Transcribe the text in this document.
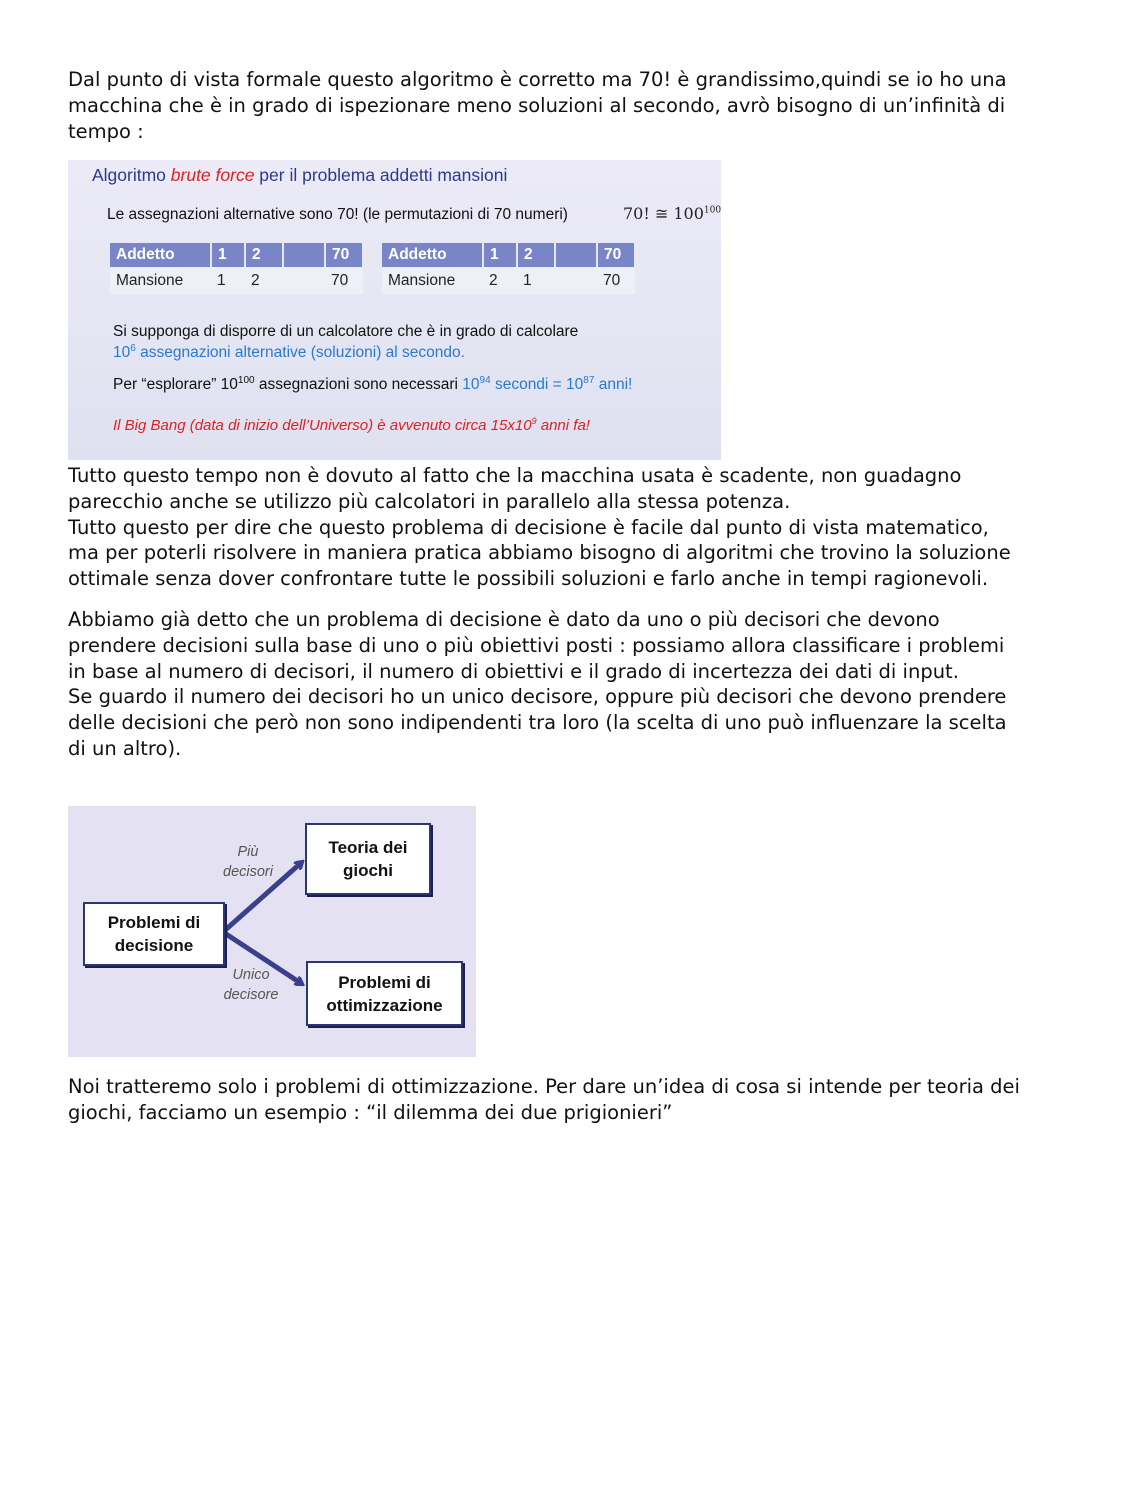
Dal punto di vista formale questo algoritmo è corretto ma 70! è grandissimo,quindi se io ho una
macchina che è in grado di ispezionare meno soluzioni al secondo, avrò bisogno di un’infinità di
tempo :

Algoritmo brute force per il problema addetti mansioni
Le assegnazioni alternative sono 70! (le permutazioni di 70 numeri)	70! ≅ $100^{100}$
Addetto	1	2		70
Mansione	1	2		70
Addetto	1	2		70
Mansione	2	1		70
Si supponga di disporre di un calcolatore che è in grado di calcolare
$10^6$ assegnazioni alternative (soluzioni) al secondo.
Per “esplorare” $10^{100}$ assegnazioni sono necessari $10^{94}$ secondi = $10^{87}$ anni!
Il Big Bang (data di inizio dell’Universo) è avvenuto circa $15x10^9$ anni fa!

Tutto questo tempo non è dovuto al fatto che la macchina usata è scadente, non guadagno
parecchio anche se utilizzo più calcolatori in parallelo alla stessa potenza.
Tutto questo per dire che questo problema di decisione è facile dal punto di vista matematico,
ma per poterli risolvere in maniera pratica abbiamo bisogno di algoritmi che trovino la soluzione
ottimale senza dover confrontare tutte le possibili soluzioni e farlo anche in tempi ragionevoli.

Abbiamo già detto che un problema di decisione è dato da uno o più decisori che devono
prendere decisioni sulla base di uno o più obiettivi posti : possiamo allora classificare i problemi
in base al numero di decisori, il numero di obiettivi e il grado di incertezza dei dati di input.
Se guardo il numero dei decisori ho un unico decisore, oppure più decisori che devono prendere
delle decisioni che però non sono indipendenti tra loro (la scelta di uno può influenzare la scelta
di un altro).

Problemi di decisione
Teoria dei giochi
Problemi di ottimizzazione
Più decisori
Unico decisore

Noi tratteremo solo i problemi di ottimizzazione. Per dare un’idea di cosa si intende per teoria dei
giochi, facciamo un esempio : “il dilemma dei due prigionieri”
